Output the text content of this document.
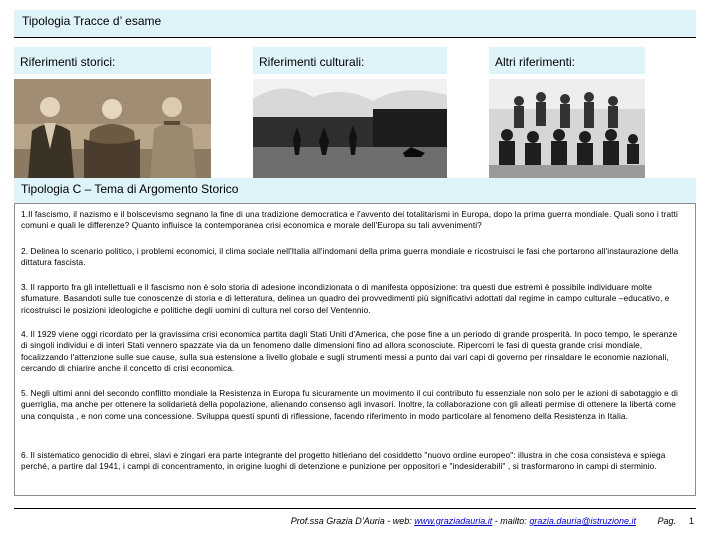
Tipologia Tracce d’ esame
Riferimenti storici:	Riferimenti culturali:	Altri riferimenti:
Tipologia C – Tema di Argomento Storico

1.Il fascismo, il nazismo e il bolscevismo segnano la fine di una tradizione democratica e l'avvento dei totalitarismi in Europa, dopo la prima guerra mondiale. Quali sono i tratti comuni e quali le differenze? Quanto influisce la contemporanea crisi economica e morale dell'Europa su tali avvenimenti?

2. Delinea lo scenario politico, i problemi economici, il clima sociale nell'Italia all'indomani della prima guerra mondiale e ricostruisci le fasi che portarono all'instaurazione della dittatura fascista.

3. Il rapporto fra gli intellettuali e il fascismo non è solo storia di adesione incondizionata o di manifesta opposizione: tra questi due estremi è possibile individuare molte sfumature. Basandoti sulle tue conoscenze di storia e di letteratura, delinea un quadro dei provvedimenti più significativi adottati dal regime in campo culturale –educativo, e ricostruisci le posizioni ideologiche e politiche degli uomini di cultura nel corso del Ventennio.

4. Il 1929 viene oggi ricordato per la gravissima crisi economica partita dagli Stati Uniti d'America, che pose fine a un periodo di grande prosperità. In poco tempo, le speranze di singoli individui e di interi Stati vennero spazzate via da un fenomeno dalle dimensioni fino ad allora sconosciute. Ripercorri le fasi di questa grande crisi mondiale, focalizzando l'attenzione sulle sue cause, sulla sua estensione a livello globale e sugli strumenti messi a punto dai vari capi di governo per rinsaldare le economie nazionali, cercando di chiarire anche il concetto di crisi economica.

5. Negli ultimi anni del secondo conflitto mondiale la Resistenza in Europa fu sicuramente un movimento il cui contributo fu essenziale non solo per le azioni di sabotaggio e di guerriglia, ma anche per ottenere la solidarietà della popolazione, alienando consenso agli invasori. Inoltre, la collaborazione con gli alleati permise di ottenere la libertà come una conquista , e non come una concessione. Sviluppa questi spunti di riflessione, facendo riferimento in modo particolare al fenomeno della Resistenza in Italia.

6. Il sistematico genocidio di ebrei, slavi e zingari era parte integrante del progetto hitleriano del cosiddetto "nuovo ordine europeo": illustra in che cosa consisteva e spiega perché, a partire dal 1941, i campi di concentramento, in origine luoghi di detenzione e punizione per oppositori e "indesiderabili" , si trasformarono in campi di sterminio.

Prof.ssa Grazia D’Auria - web: www.graziadauria.it - mailto: grazia.dauria@istruzione.it Pag. 1
